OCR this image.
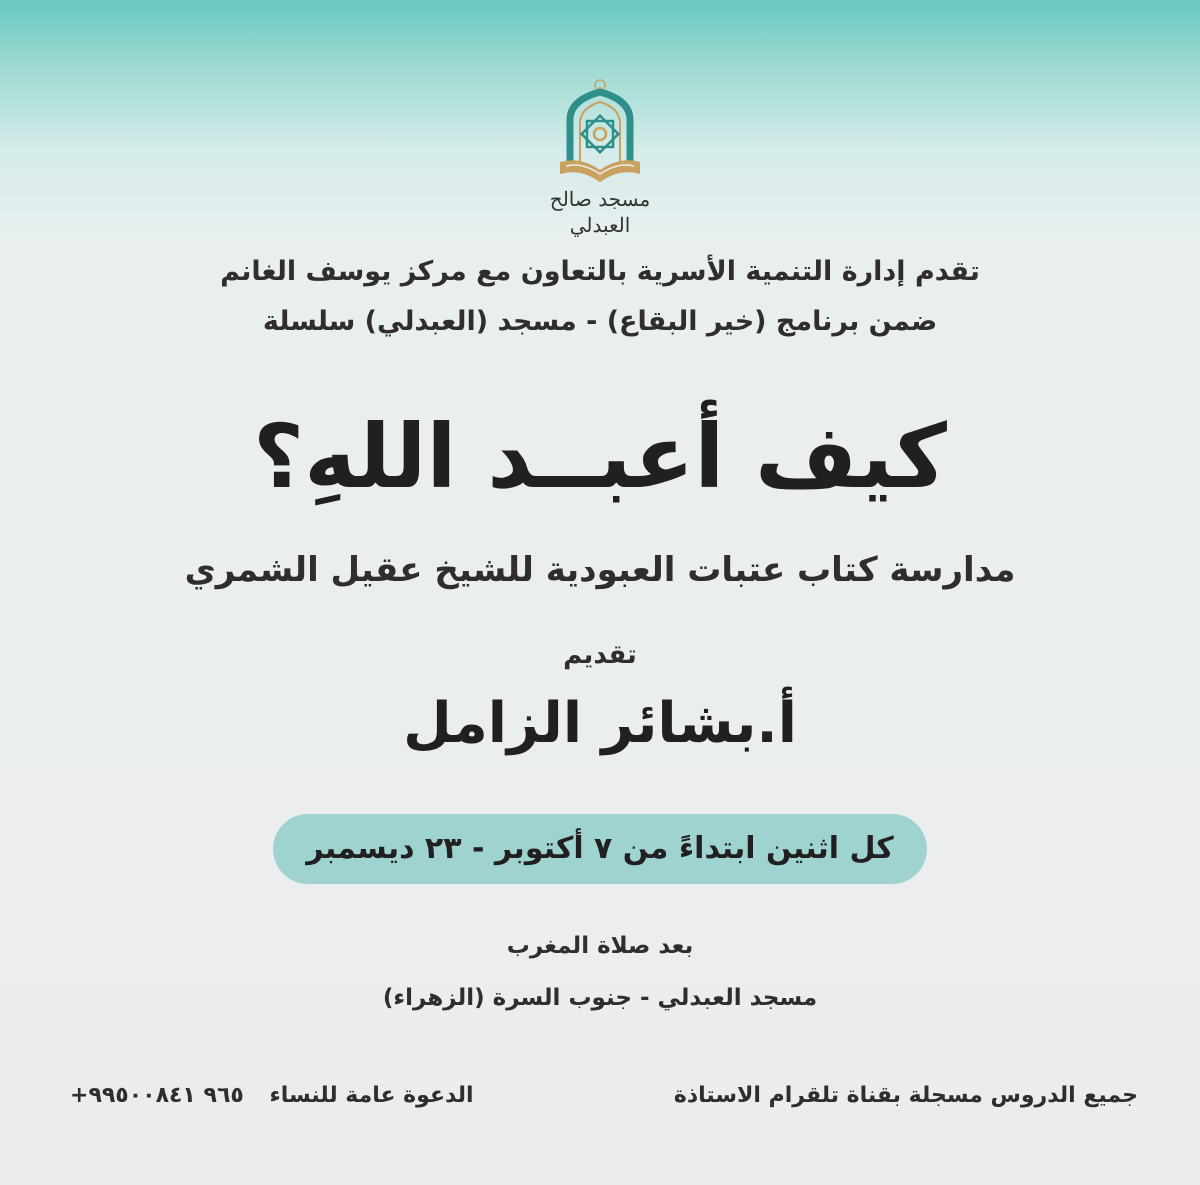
مسجد صالح العبدلي
تقدم إدارة التنمية الأسرية بالتعاون مع مركز يوسف الغانم
ضمن برنامج (خير البقاع) - مسجد (العبدلي) سلسلة
كيف أعبــد اللهِ؟
مدارسة كتاب عتبات العبودية للشيخ عقيل الشمري
تقديم
أ.بشائر الزامل
كل اثنين ابتداءً من ٧ أكتوبر - ٢٣ ديسمبر
بعد صلاة المغرب
مسجد العبدلي - جنوب السرة (الزهراء)
جميع الدروس مسجلة بقناة تلقرام الاستاذة
الدعوة عامة للنساء +٩٦٥ ٩٩٥٠٠٨٤١
